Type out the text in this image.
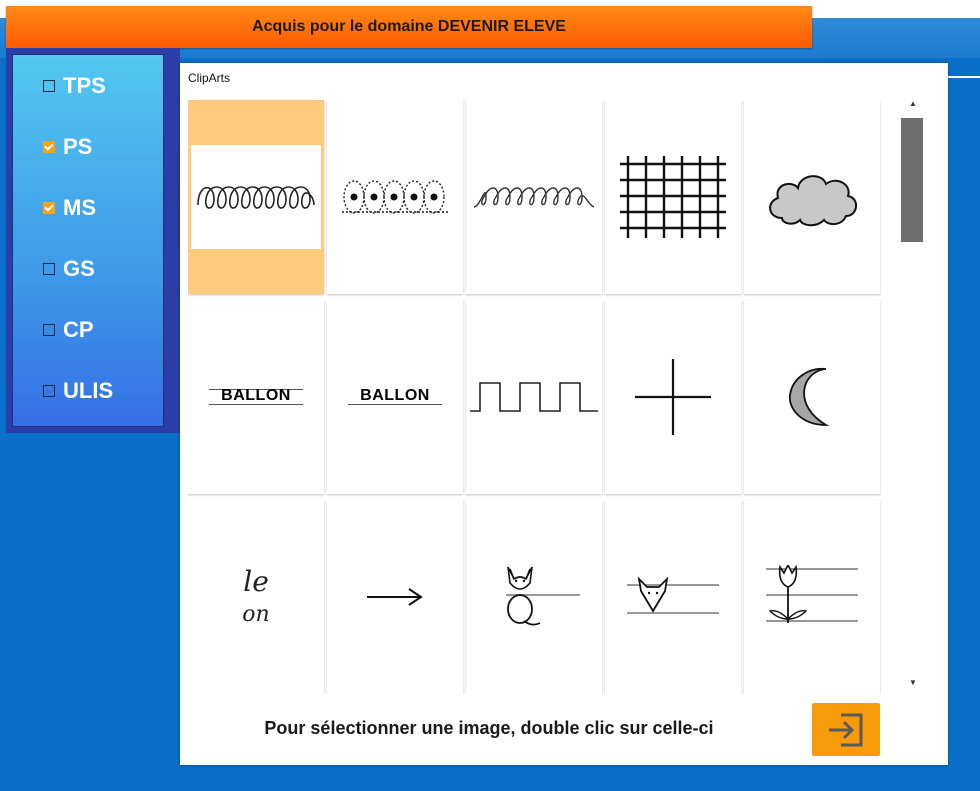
Acquis pour le domaine DEVENIR ELEVE
TPS
PS
MS
GS
CP
ULIS
ClipArts
BALLON	BALLON
le
on
▲
▼
Pour sélectionner une image, double clic sur celle-ci
